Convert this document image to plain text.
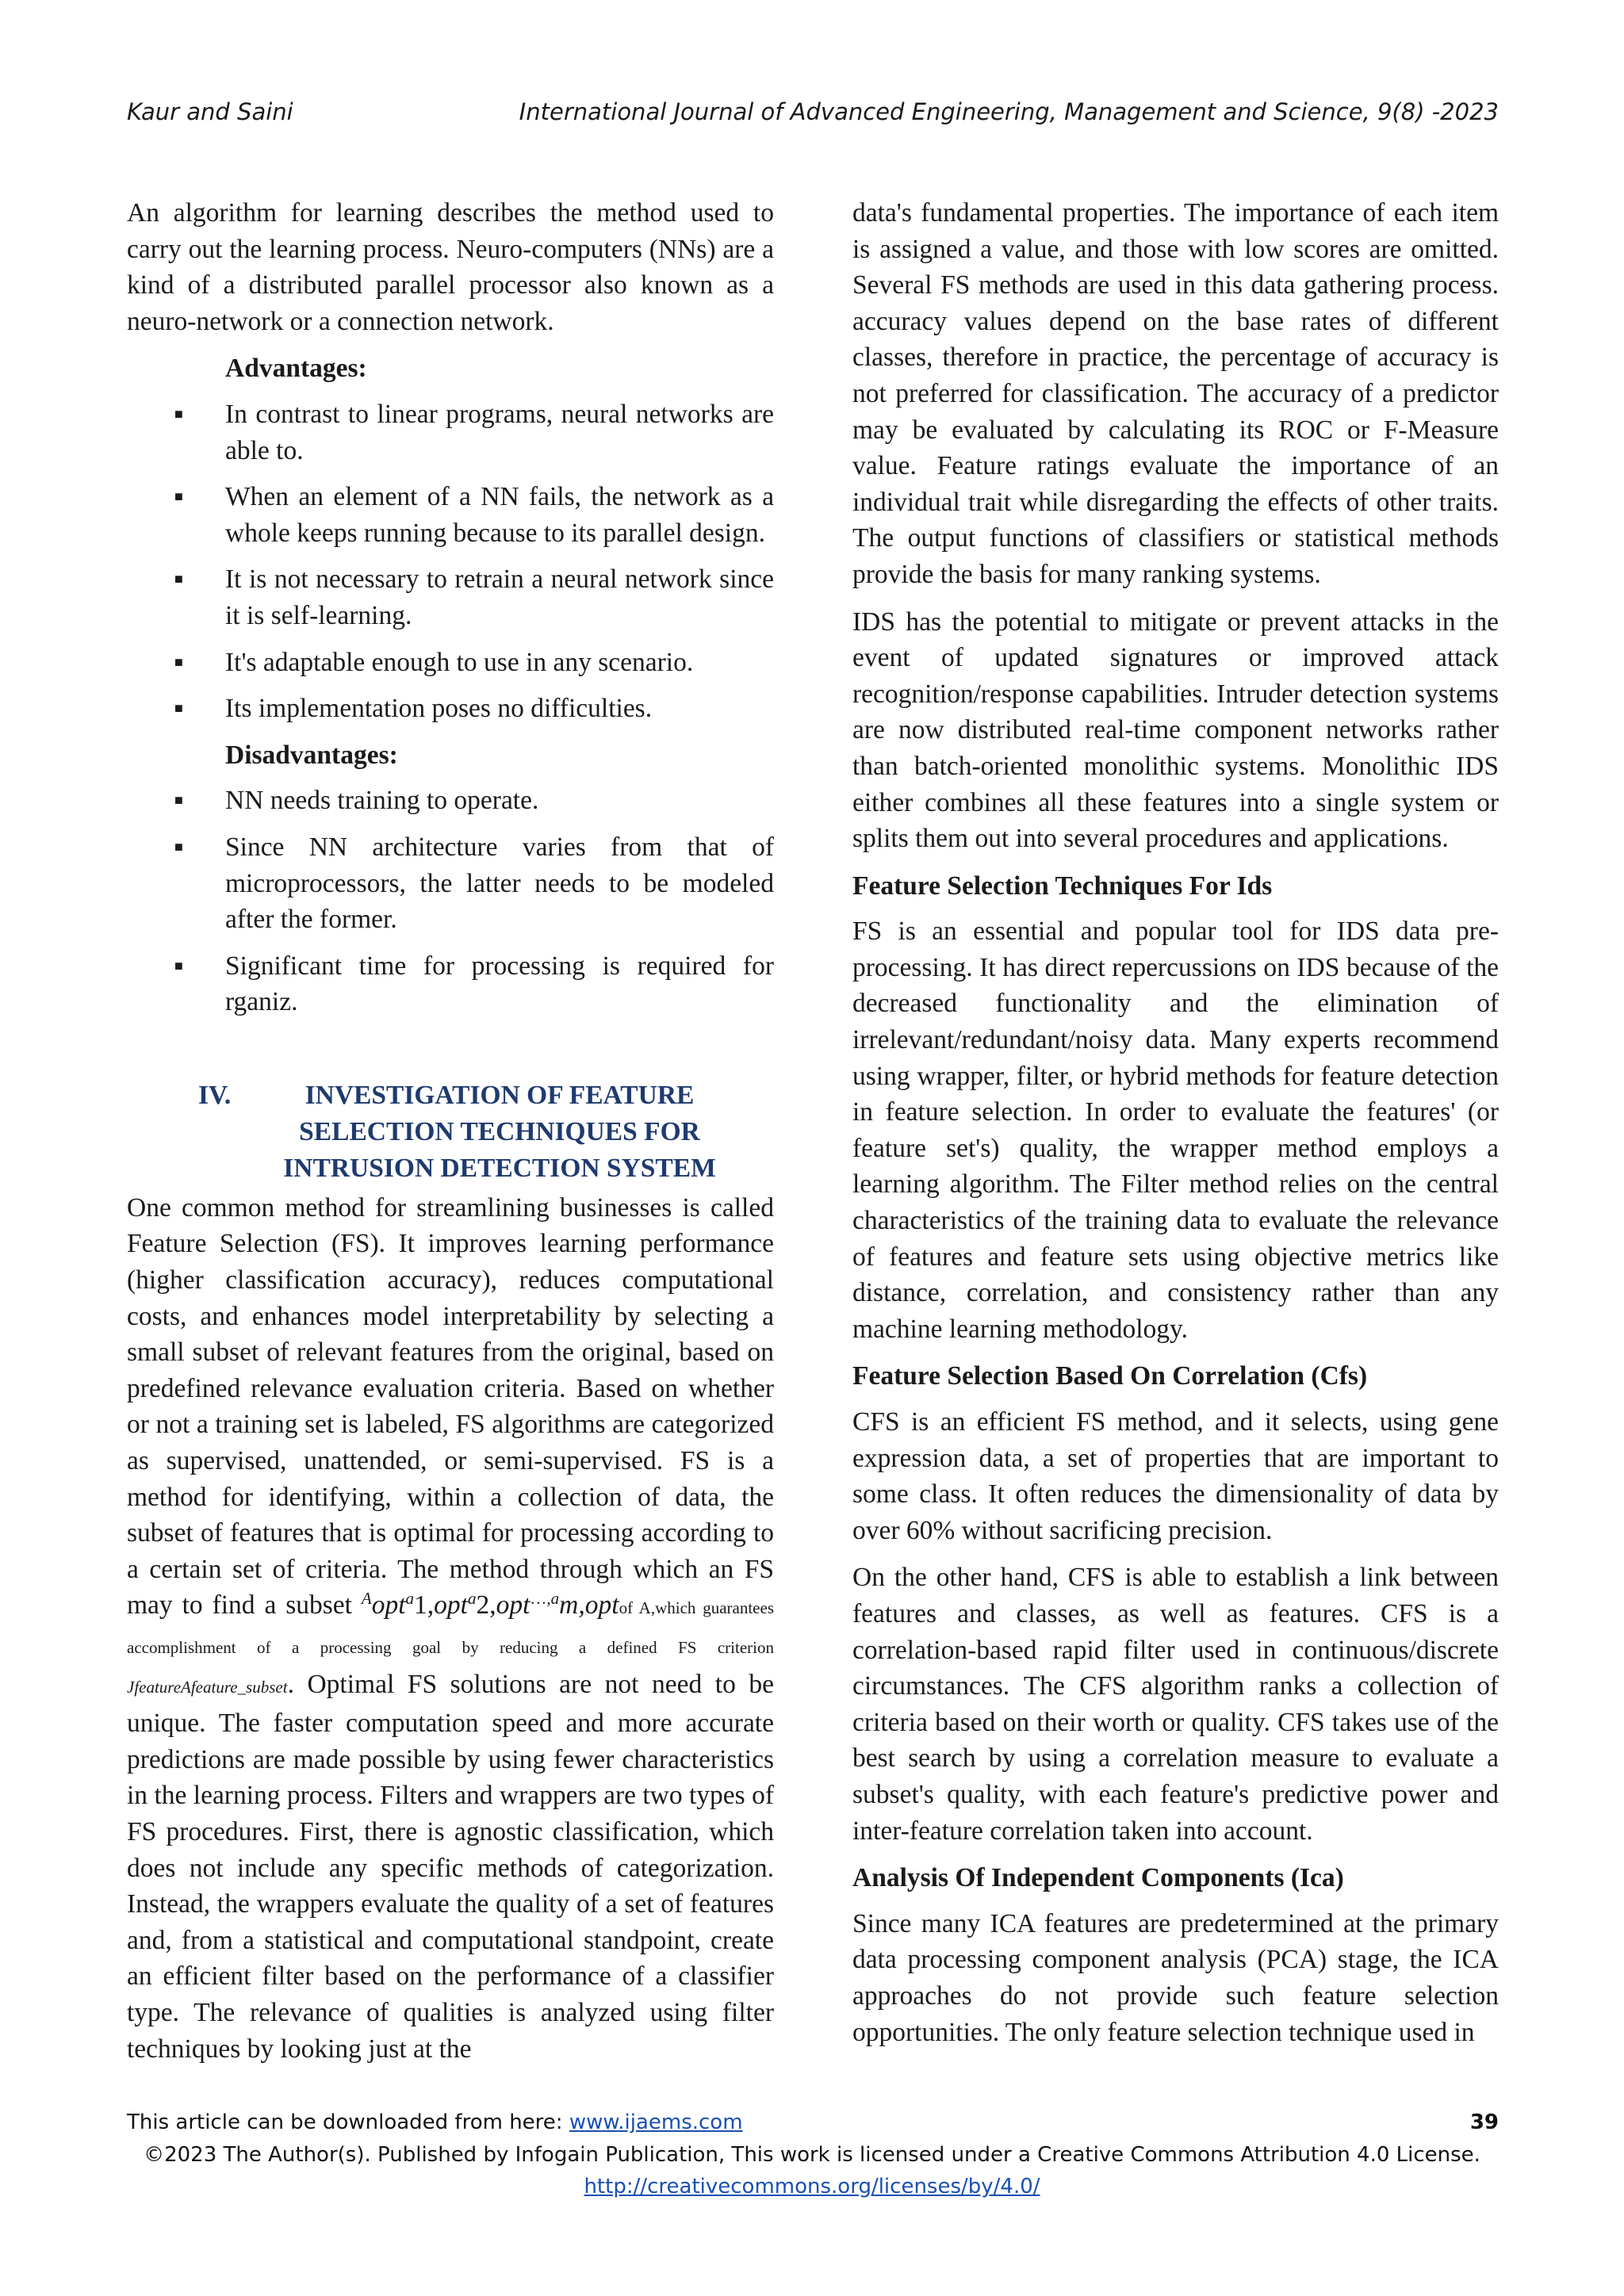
Kaur and Saini	International Journal of Advanced Engineering, Management and Science, 9(8) -2023

An algorithm for learning describes the method used to carry out the learning process. Neuro-computers (NNs) are a kind of a distributed parallel processor also known as a neuro-network or a connection network.

Advantages:
■ In contrast to linear programs, neural networks are able to.
■ When an element of a NN fails, the network as a whole keeps running because to its parallel design.
■ It is not necessary to retrain a neural network since it is self-learning.
■ It's adaptable enough to use in any scenario.
■ Its implementation poses no difficulties.
Disadvantages:
■ NN needs training to operate.
■ Since NN architecture varies from that of microprocessors, the latter needs to be modeled after the former.
■ Significant time for processing is required for rganiz.
IV.	INVESTIGATION OF FEATURE
SELECTION TECHNIQUES FOR
INTRUSION DETECTION SYSTEM

One common method for streamlining businesses is called Feature Selection (FS). It improves learning performance (higher classification accuracy), reduces computational costs, and enhances model interpretability by selecting a small subset of relevant features from the original, based on predefined relevance evaluation criteria. Based on whether or not a training set is labeled, FS algorithms are categorized as supervised, unattended, or semi-supervised. FS is a method for identifying, within a collection of data, the subset of features that is optimal for processing according to a certain set of criteria. The method through which an FS may to find a subset $^A$opt$^a$1,opt$^a$2,opt$^{\dots,a}$m,optof A,which guarantees accomplishment of a processing goal by reducing a defined FS criterion JfeatureAfeature_subset. Optimal FS solutions are not need to be unique. The faster computation speed and more accurate predictions are made possible by using fewer characteristics in the learning process. Filters and wrappers are two types of FS procedures. First, there is agnostic classification, which does not include any specific methods of categorization. Instead, the wrappers evaluate the quality of a set of features and, from a statistical and computational standpoint, create an efficient filter based on the performance of a classifier type. The relevance of qualities is analyzed using filter techniques by looking just at the

data's fundamental properties. The importance of each item is assigned a value, and those with low scores are omitted. Several FS methods are used in this data gathering process. accuracy values depend on the base rates of different classes, therefore in practice, the percentage of accuracy is not preferred for classification. The accuracy of a predictor may be evaluated by calculating its ROC or F-Measure value. Feature ratings evaluate the importance of an individual trait while disregarding the effects of other traits. The output functions of classifiers or statistical methods provide the basis for many ranking systems.

IDS has the potential to mitigate or prevent attacks in the event of updated signatures or improved attack recognition/response capabilities. Intruder detection systems are now distributed real-time component networks rather than batch-oriented monolithic systems. Monolithic IDS either combines all these features into a single system or splits them out into several procedures and applications.

Feature Selection Techniques For Ids

FS is an essential and popular tool for IDS data pre-processing. It has direct repercussions on IDS because of the decreased functionality and the elimination of irrelevant/redundant/noisy data. Many experts recommend using wrapper, filter, or hybrid methods for feature detection in feature selection. In order to evaluate the features' (or feature set's) quality, the wrapper method employs a learning algorithm. The Filter method relies on the central characteristics of the training data to evaluate the relevance of features and feature sets using objective metrics like distance, correlation, and consistency rather than any machine learning methodology.

Feature Selection Based On Correlation (Cfs)

CFS is an efficient FS method, and it selects, using gene expression data, a set of properties that are important to some class. It often reduces the dimensionality of data by over 60% without sacrificing precision.

On the other hand, CFS is able to establish a link between features and classes, as well as features. CFS is a correlation-based rapid filter used in continuous/discrete circumstances. The CFS algorithm ranks a collection of criteria based on their worth or quality. CFS takes use of the best search by using a correlation measure to evaluate a subset's quality, with each feature's predictive power and inter-feature correlation taken into account.

Analysis Of Independent Components (Ica)

Since many ICA features are predetermined at the primary data processing component analysis (PCA) stage, the ICA approaches do not provide such feature selection opportunities. The only feature selection technique used in

This article can be downloaded from here: www.ijaems.com	39
©2023 The Author(s). Published by Infogain Publication, This work is licensed under a Creative Commons Attribution 4.0 License.
http://creativecommons.org/licenses/by/4.0/
